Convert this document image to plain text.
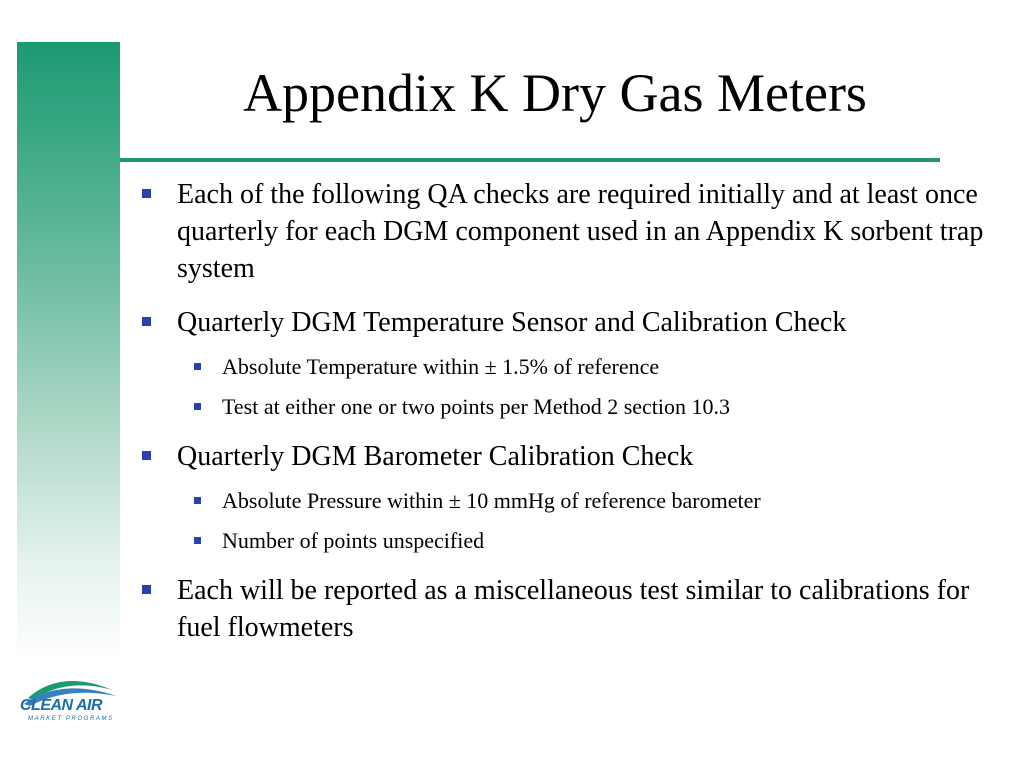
Appendix K Dry Gas Meters
Each of the following QA checks are required initially and at least once quarterly for each DGM component used in an Appendix K sorbent trap system
Quarterly DGM Temperature Sensor and Calibration Check
Absolute Temperature within ± 1.5% of reference
Test at either one or two points per Method 2 section 10.3
Quarterly DGM Barometer Calibration Check
Absolute Pressure within ± 10 mmHg of reference barometer
Number of points unspecified
Each will be reported as a miscellaneous test similar to calibrations for fuel flowmeters
CLEAN AIR
MARKET PROGRAMS
